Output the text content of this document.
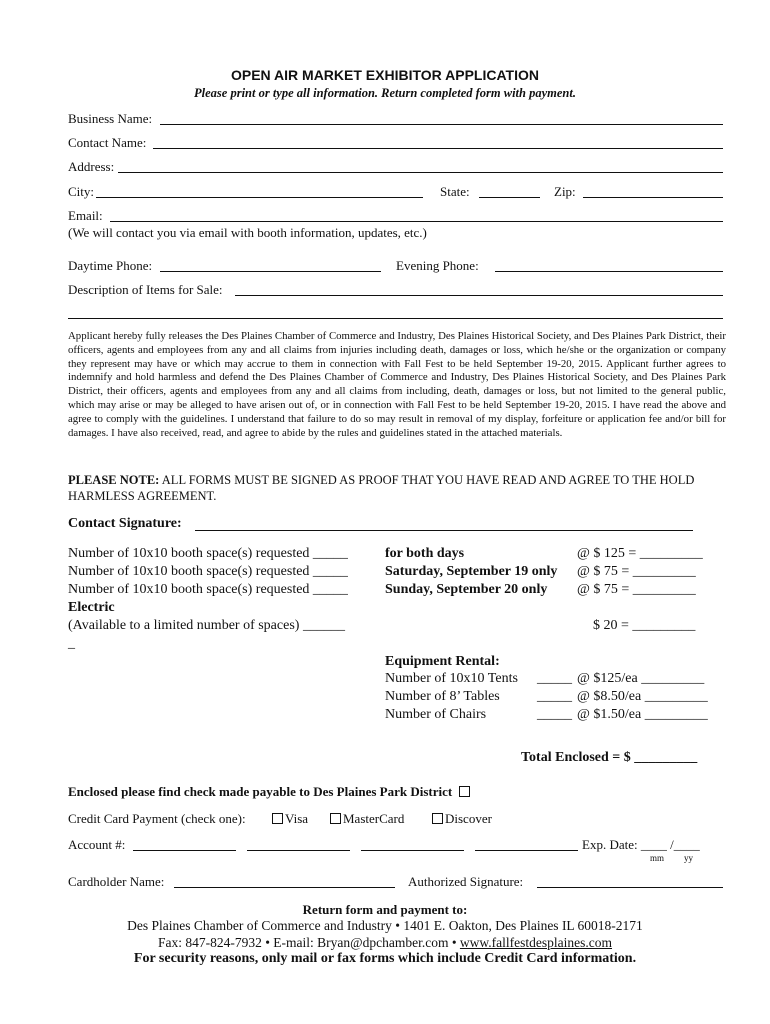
OPEN AIR MARKET EXHIBITOR APPLICATION
Please print or type all information. Return completed form with payment.
Business Name:
Contact Name:
Address:
City:	State:	Zip:
Email:
(We will contact you via email with booth information, updates, etc.)
Daytime Phone:	Evening Phone:
Description of Items for Sale:
Applicant hereby fully releases the Des Plaines Chamber of Commerce and Industry, Des Plaines Historical Society, and Des Plaines Park District, their officers, agents and employees from any and all claims from injuries including death, damages or loss, which he/she or the organization or company they represent may have or which may accrue to them in connection with Fall Fest to be held September 19-20, 2015. Applicant further agrees to indemnify and hold harmless and defend the Des Plaines Chamber of Commerce and Industry, Des Plaines Historical Society, and Des Plaines Park District, their officers, agents and employees from any and all claims from including, death, damages or loss, but not limited to the general public, which may arise or may be alleged to have arisen out of, or in connection with Fall Fest to be held September 19-20, 2015. I have read the above and agree to comply with the guidelines. I understand that failure to do so may result in removal of my display, forfeiture or application fee and/or bill for damages. I have also received, read, and agree to abide by the rules and guidelines stated in the attached materials.
PLEASE NOTE: ALL FORMS MUST BE SIGNED AS PROOF THAT YOU HAVE READ AND AGREE TO THE HOLD HARMLESS AGREEMENT.
Contact Signature:
Number of 10x10 booth space(s) requested _____	for both days	@ $ 125 = _________
Number of 10x10 booth space(s) requested _____	Saturday, September 19 only @ $ 75 = _________
Number of 10x10 booth space(s) requested _____	Sunday, September 20 only @ $ 75 = _________
Electric
(Available to a limited number of spaces) ______	$ 20 = _________
_
Equipment Rental:
Number of 10x10 Tents _____ @ $125/ea _________
Number of 8’ Tables	_____ @ $8.50/ea _________
Number of Chairs	_____ @ $1.50/ea _________
Total Enclosed = $ _________
Enclosed please find check made payable to Des Plaines Park District
Credit Card Payment (check one):	Visa	MasterCard	Discover
Account #:	Exp. Date: ____ /____
mm yy
Cardholder Name:	Authorized Signature:
Return form and payment to:
Des Plaines Chamber of Commerce and Industry • 1401 E. Oakton, Des Plaines IL 60018-2171
Fax: 847-824-7932 • E-mail: Bryan@dpchamber.com • www.fallfestdesplaines.com
For security reasons, only mail or fax forms which include Credit Card information.
